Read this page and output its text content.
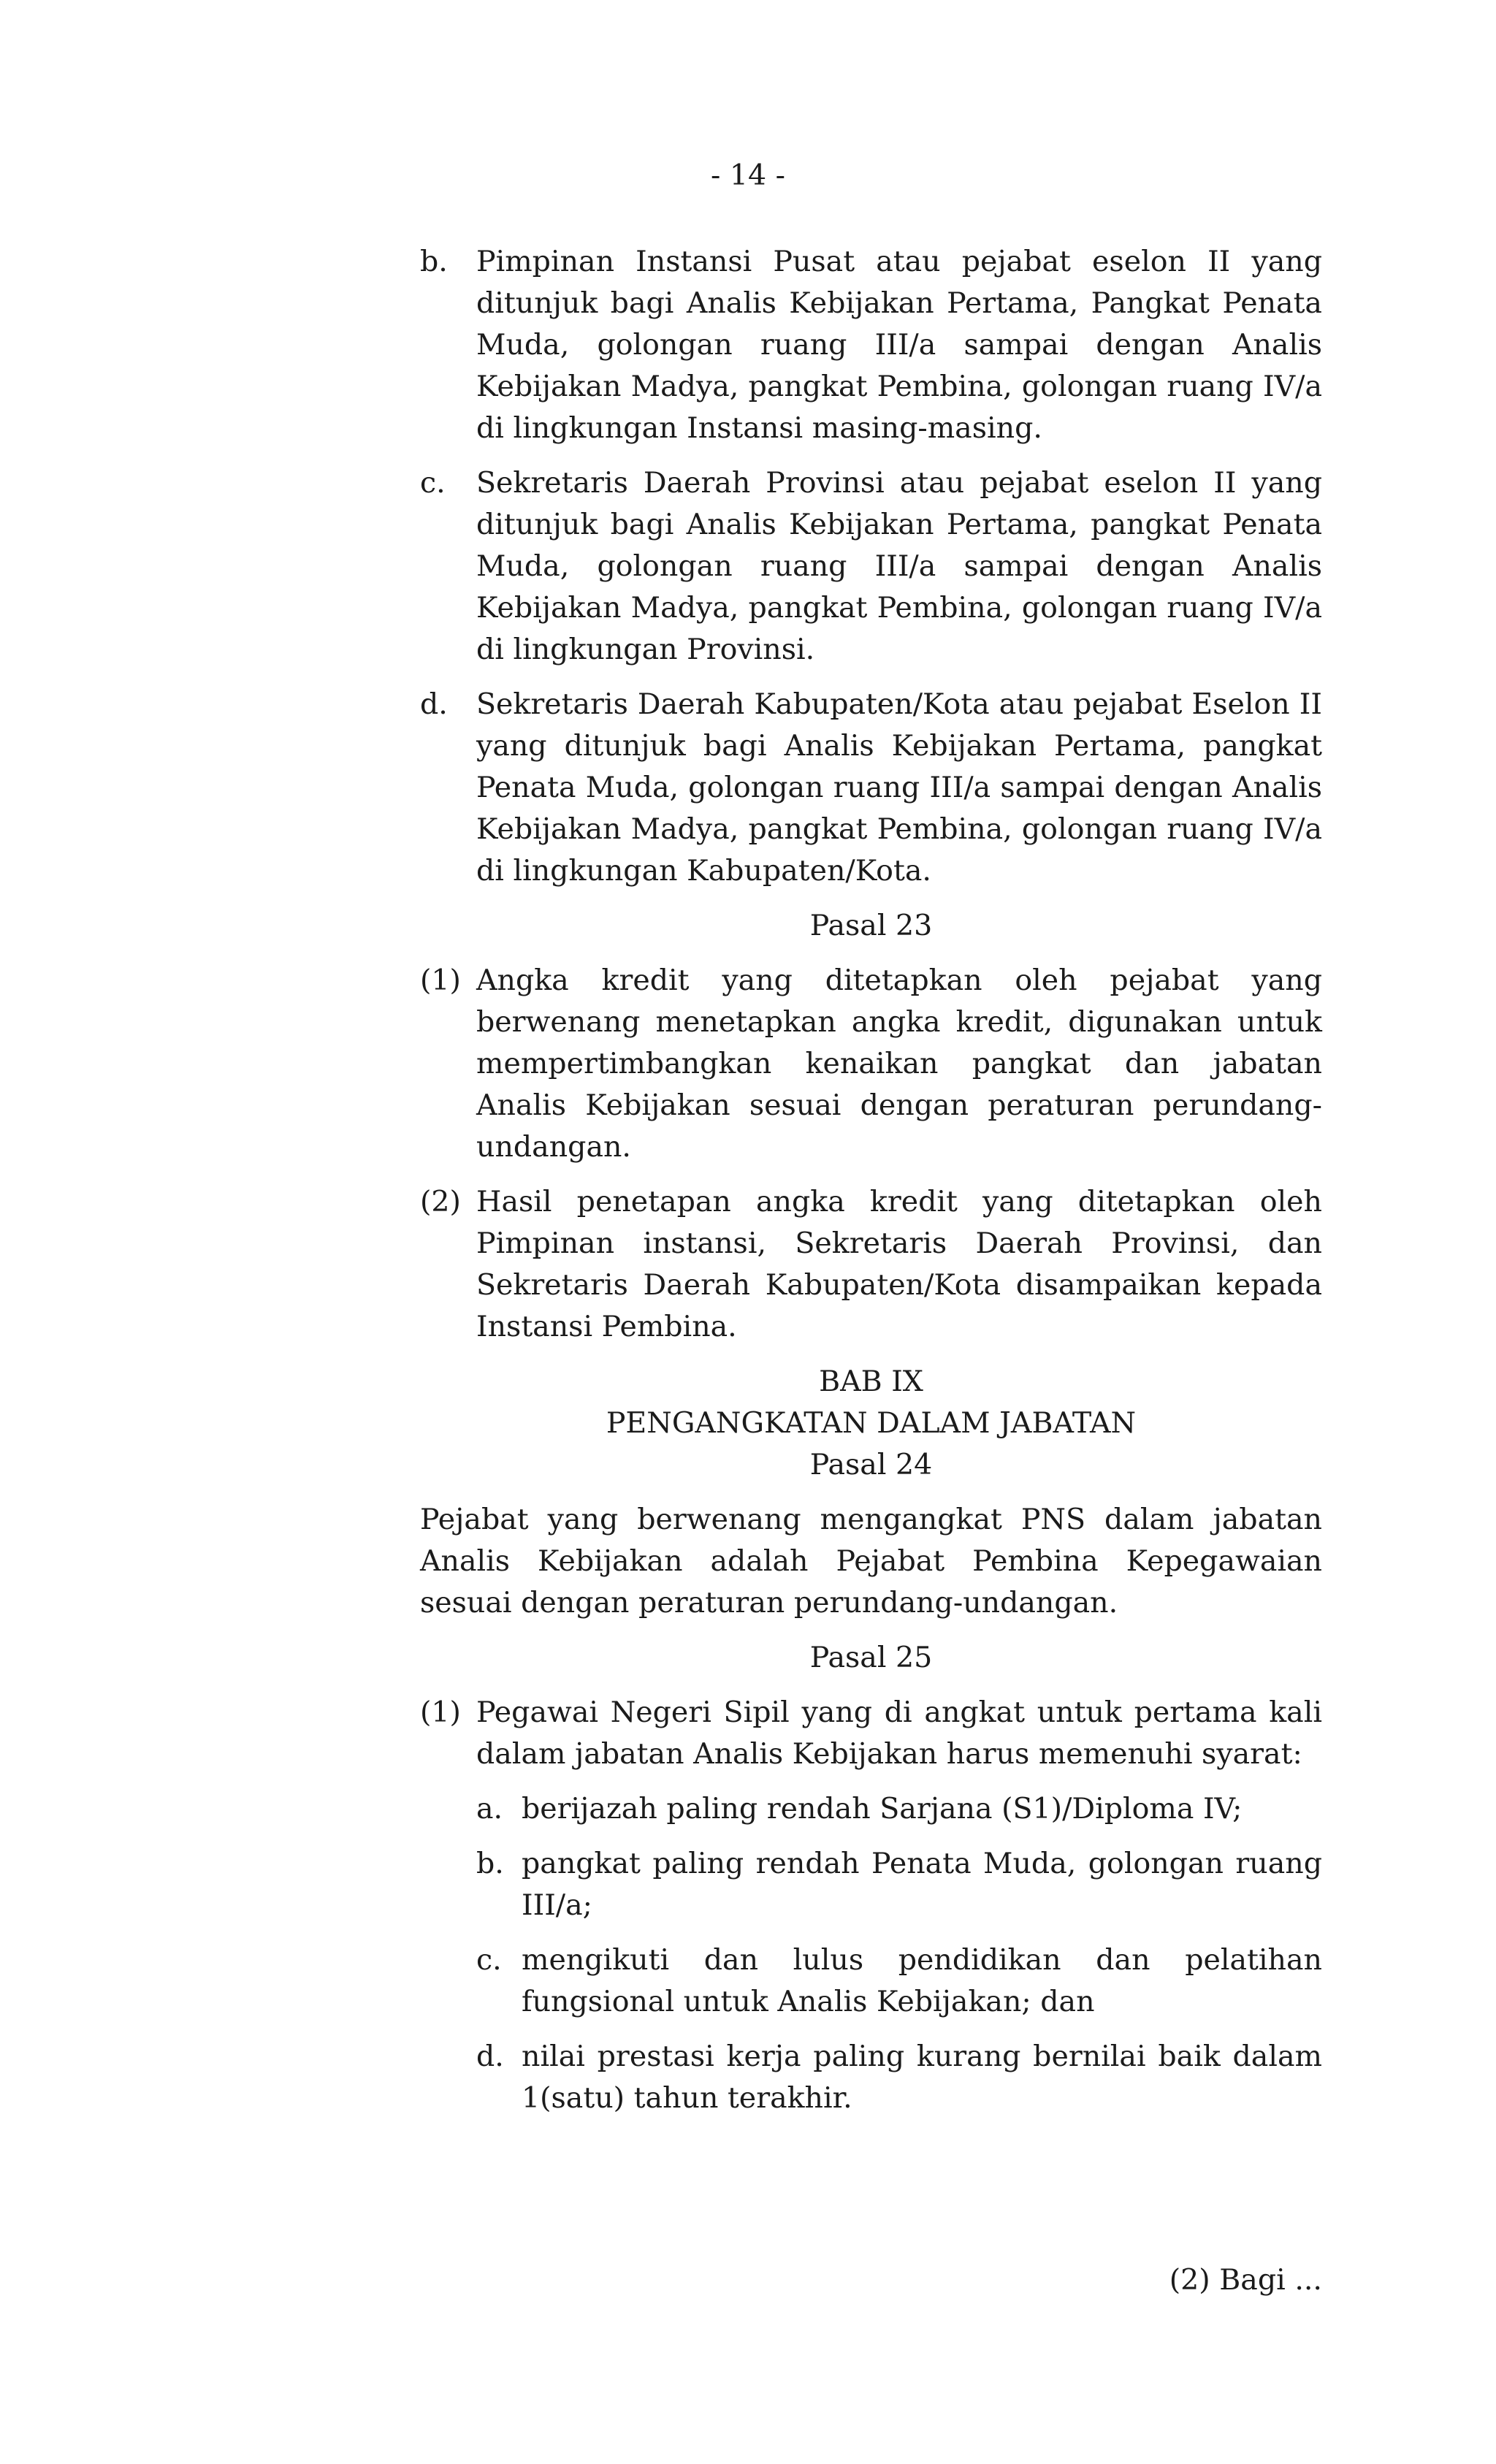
- 14 -
b. Pimpinan Instansi Pusat atau pejabat eselon II yang ditunjuk bagi Analis Kebijakan Pertama, Pangkat Penata Muda, golongan ruang III/a sampai dengan Analis Kebijakan Madya, pangkat Pembina, golongan ruang IV/a di lingkungan Instansi masing-masing.
c.	Sekretaris Daerah Provinsi atau pejabat eselon II yang ditunjuk bagi Analis Kebijakan Pertama, pangkat Penata Muda, golongan ruang III/a sampai dengan Analis Kebijakan Madya, pangkat Pembina, golongan ruang IV/a di lingkungan Provinsi.
d. Sekretaris Daerah Kabupaten/Kota atau pejabat Eselon II yang ditunjuk bagi Analis Kebijakan Pertama, pangkat Penata Muda, golongan ruang III/a sampai dengan Analis Kebijakan Madya, pangkat Pembina, golongan ruang IV/a di lingkungan Kabupaten/Kota.
Pasal 23
(1) Angka kredit yang ditetapkan oleh pejabat yang berwenang menetapkan angka kredit, digunakan untuk mempertimbangkan kenaikan pangkat dan jabatan Analis Kebijakan sesuai dengan peraturan perundang-undangan.
(2) Hasil penetapan angka kredit yang ditetapkan oleh Pimpinan instansi, Sekretaris Daerah Provinsi, dan Sekretaris Daerah Kabupaten/Kota disampaikan kepada Instansi Pembina.
BAB IX
PENGANGKATAN DALAM JABATAN
Pasal 24
Pejabat yang berwenang mengangkat PNS dalam jabatan Analis Kebijakan adalah Pejabat Pembina Kepegawaian sesuai dengan peraturan perundang-undangan.
Pasal 25
(1) Pegawai Negeri Sipil yang di angkat untuk pertama kali dalam jabatan Analis Kebijakan harus memenuhi syarat:
a. berijazah paling rendah Sarjana (S1)/Diploma IV;
b. pangkat paling rendah Penata Muda, golongan ruang III/a;
c. mengikuti dan lulus pendidikan dan pelatihan fungsional untuk Analis Kebijakan; dan
d. nilai prestasi kerja paling kurang bernilai baik dalam 1(satu) tahun terakhir.
(2) Bagi ...
